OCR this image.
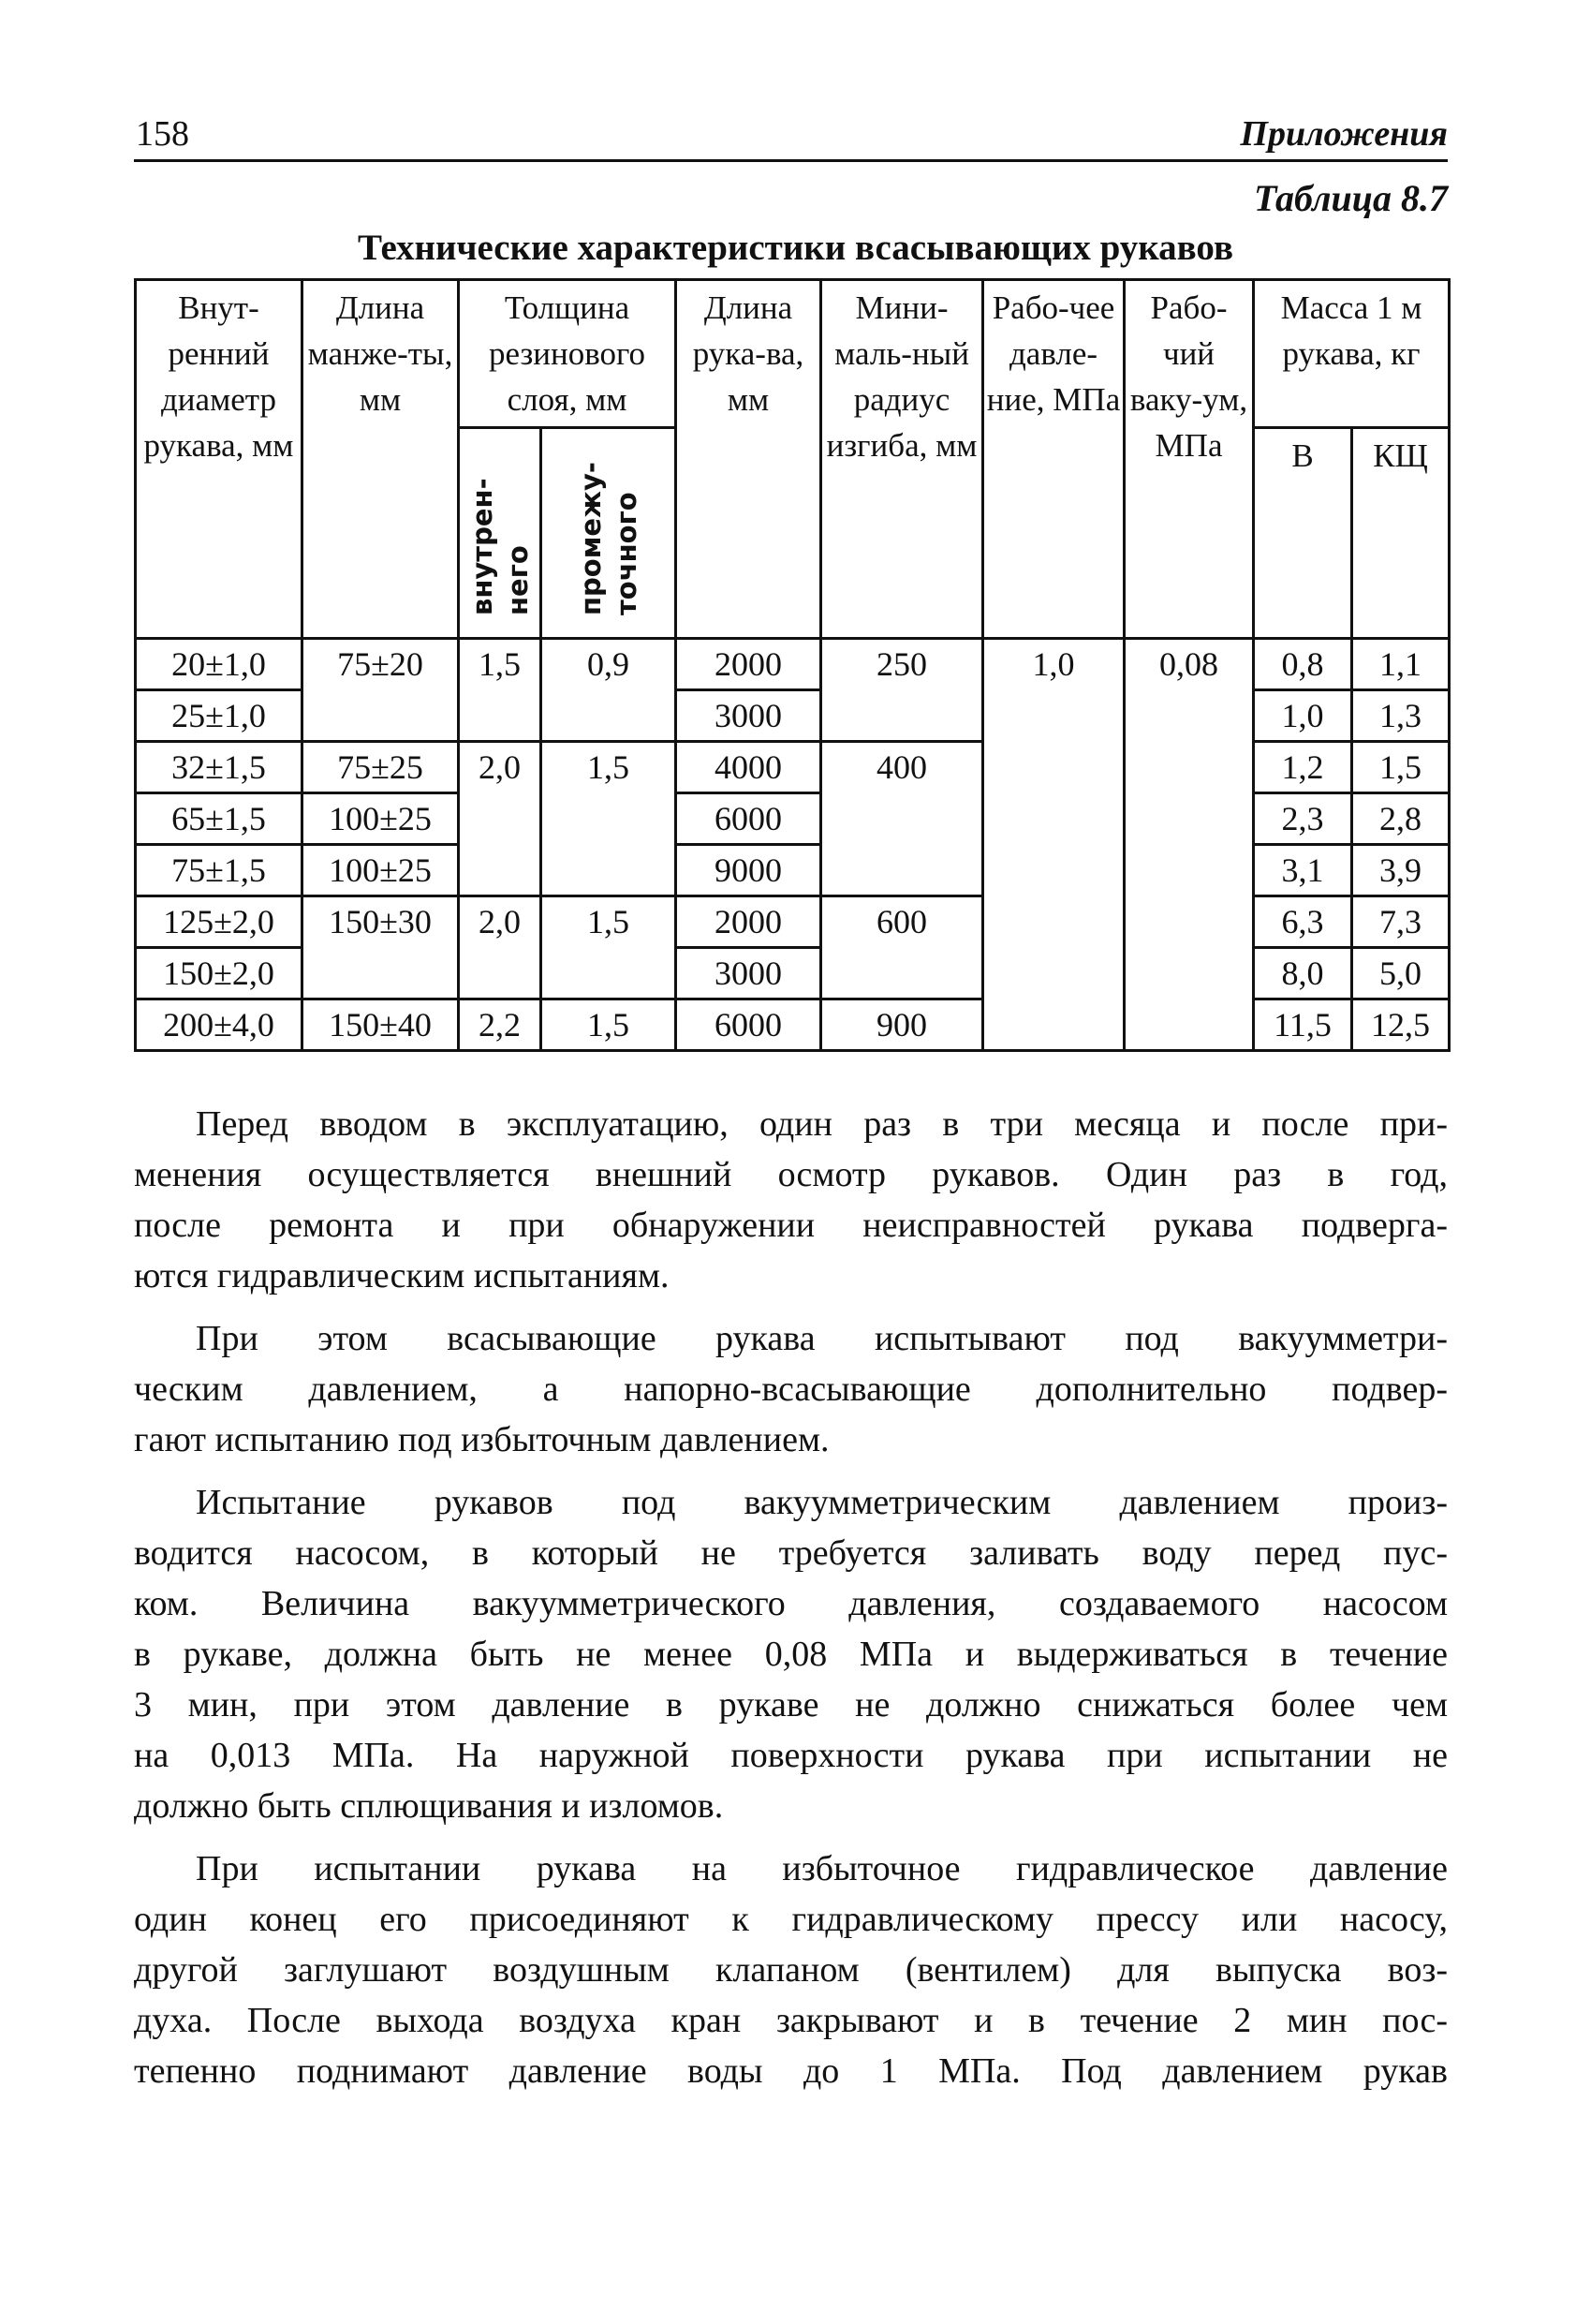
158	Приложения
Таблица 8.7
Технические характеристики всасывающих рукавов
Внут-ренний диаметр рукава, мм	Длина манже-ты, мм	Толщина резинового слоя, мм		Длина рука-ва, мм	Мини-маль-ный радиус изгиба, мм	Рабо-чее давле-ние, МПа	Рабо-чий ваку-ум, МПа	Масса 1 м рукава, кг	
		внутрен-него	промежу-точного					В	КЩ
20±1,0	75±20	1,5	0,9	2000	250	1,0	0,08	0,8	1,1
25±1,0				3000				1,0	1,3
32±1,5	75±25	2,0	1,5	4000	400			1,2	1,5
65±1,5	100±25			6000				2,3	2,8
75±1,5	100±25			9000				3,1	3,9
125±2,0	150±30	2,0	1,5	2000	600			6,3	7,3
150±2,0				3000				8,0	5,0
200±4,0	150±40	2,2	1,5	6000	900			11,5	12,5
Перед вводом в эксплуатацию, один раз в три месяца и после при-
менения осуществляется внешний осмотр рукавов. Один раз в год,
после ремонта и при обнаружении неисправностей рукава подверга-
ются гидравлическим испытаниям.
При этом всасывающие рукава испытывают под вакуумметри-
ческим давлением, а напорно-всасывающие дополнительно подвер-
гают испытанию под избыточным давлением.
Испытание рукавов под вакуумметрическим давлением произ-
водится насосом, в который не требуется заливать воду перед пус-
ком. Величина вакуумметрического давления, создаваемого насосом
в рукаве, должна быть не менее 0,08 МПа и выдерживаться в течение
3 мин, при этом давление в рукаве не должно снижаться более чем
на 0,013 МПа. На наружной поверхности рукава при испытании не
должно быть сплющивания и изломов.
При испытании рукава на избыточное гидравлическое давление
один конец его присоединяют к гидравлическому прессу или насосу,
другой заглушают воздушным клапаном (вентилем) для выпуска воз-
духа. После выхода воздуха кран закрывают и в течение 2 мин пос-
тепенно поднимают давление воды до 1 МПа. Под давлением рукав
